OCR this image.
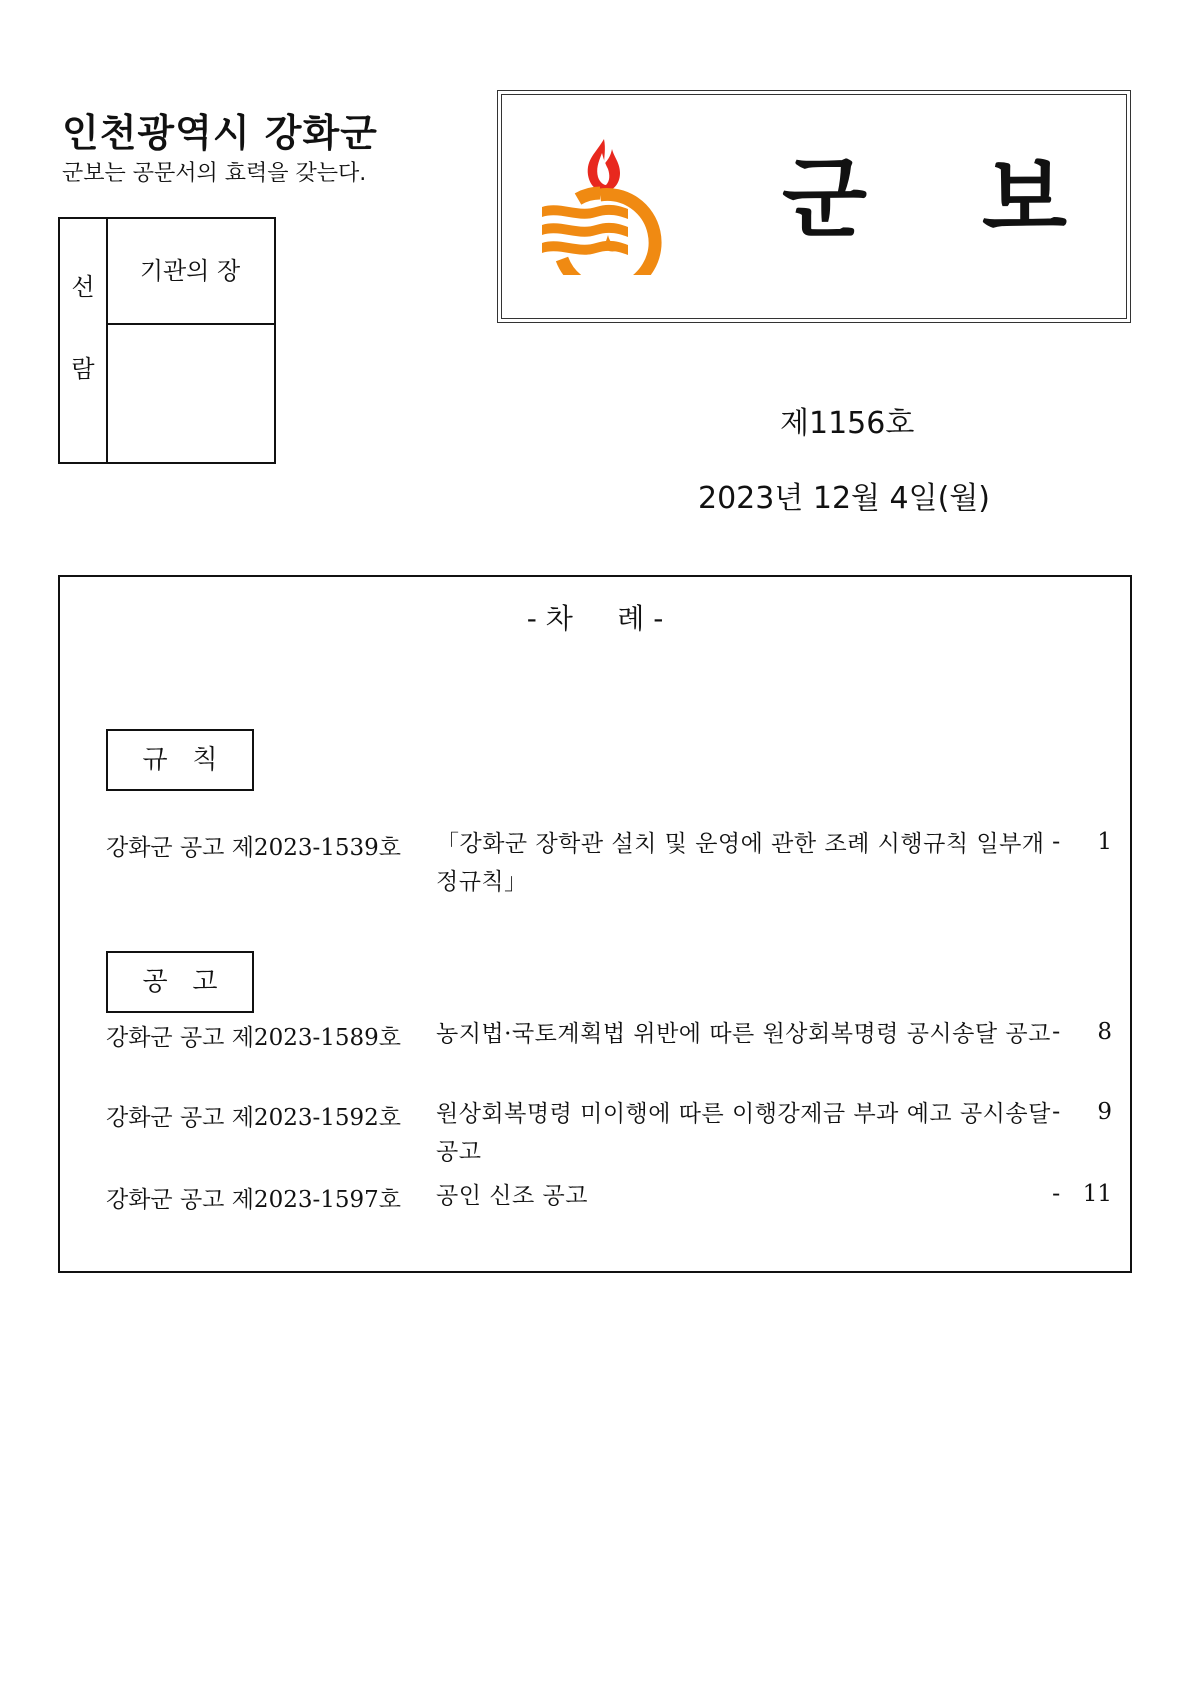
인천광역시 강화군
군보는 공문서의 효력을 갖는다.
선
람
기관의 장
군 보
제1156호
2023년 12월 4일(월)
- 차     례 -
규   칙
강화군 공고 제2023-1539호 「강화군 장학관 설치 및 운영에 관한 조례 시행규칙 일부개정규칙」
- 1
공   고
강화군 공고 제2023-1589호 농지법·국토계획법 위반에 따른 원상회복명령 공시송달 공고 - 8
강화군 공고 제2023-1592호 원상회복명령 미이행에 따른 이행강제금 부과 예고 공시송달 공고
- 9
강화군 공고 제2023-1597호 공인 신조 공고	- 11
